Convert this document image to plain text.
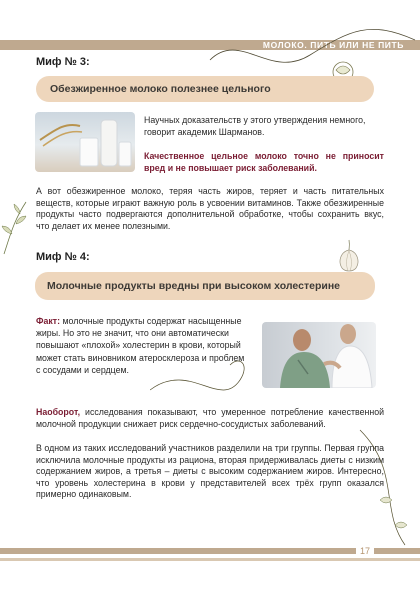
МОЛОКО. ПИТЬ ИЛИ НЕ ПИТЬ
Миф № 3:
Обезжиренное молоко полезнее цельного
Научных доказательств у этого утверждения немного, говорит академик Шарманов.
Качественное цельное молоко точно не приносит вред и не повышает риск заболеваний.
А вот обезжиренное молоко, теряя часть жиров, теряет и часть питательных веществ, которые играют важную роль в усвоении витаминов. Также обезжиренные продукты часто подвергаются дополнительной обработке, чтобы сохранить вкус, что делает их менее полезными.
Миф № 4:
Молочные продукты вредны при высоком холестерине
Факт: молочные продукты содержат насыщенные жиры. Но это не значит, что они автоматически повышают «плохой» холестерин в крови, который может стать виновником атеросклероза и проблем с сосудами и сердцем.
Наоборот, исследования показывают, что умеренное потребление качественной молочной продукции снижает риск сердечно-сосудистых заболеваний.
В одном из таких исследований участников разделили на три группы. Первая группа исключила молочные продукты из рациона, вторая придерживалась диеты с низким содержанием жиров, а третья – диеты с высоким содержанием жиров. Интересно, что уровень холестерина в крови у представителей всех трёх групп оказался примерно одинаковым.
17
